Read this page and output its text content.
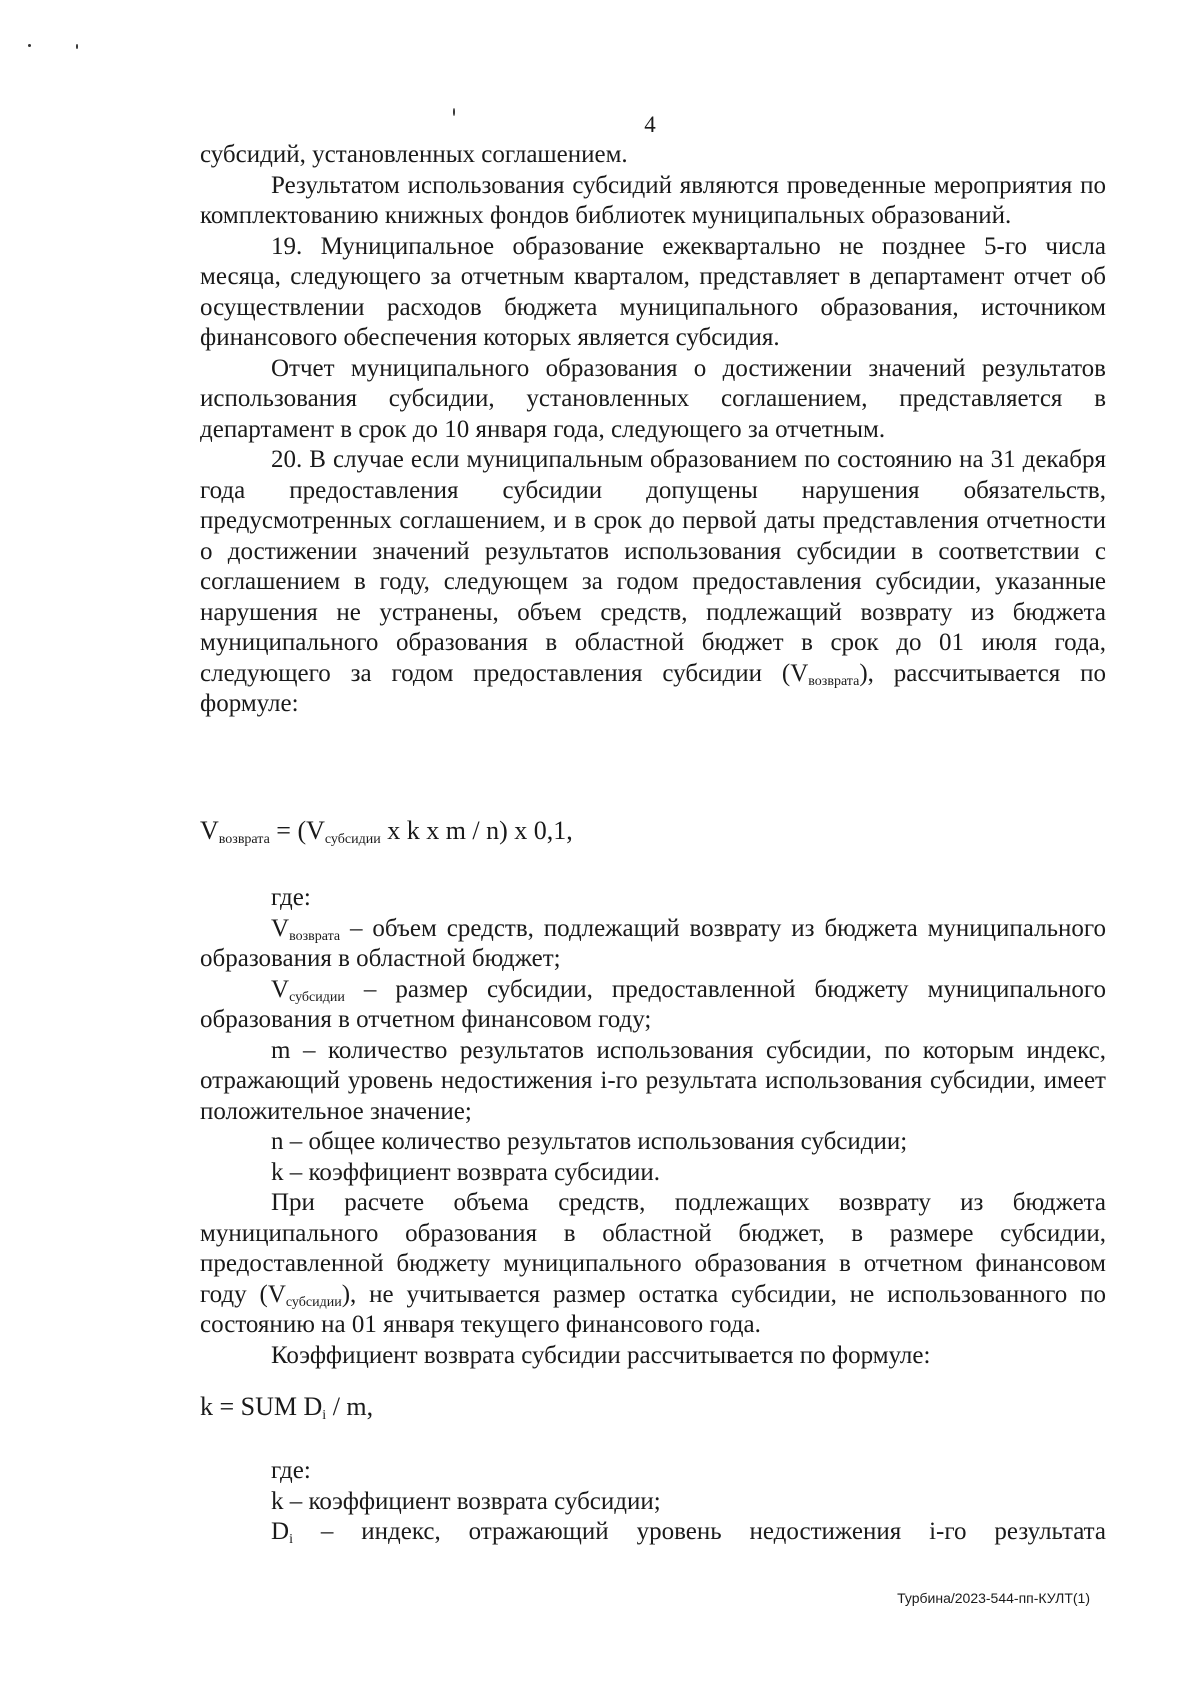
4

субсидий, установленных соглашением.

Результатом использования субсидий являются проведенные мероприятия по комплектованию книжных фондов библиотек муниципальных образований.

19. Муниципальное образование ежеквартально не позднее 5-го числа месяца, следующего за отчетным кварталом, представляет в департамент отчет об осуществлении расходов бюджета муниципального образования, источником финансового обеспечения которых является субсидия.

Отчет муниципального образования о достижении значений результатов использования субсидии, установленных соглашением, представляется в департамент в срок до 10 января года, следующего за отчетным.

20. В случае если муниципальным образованием по состоянию на 31 декабря года предоставления субсидии допущены нарушения обязательств, предусмотренных соглашением, и в срок до первой даты представления отчетности о достижении значений результатов использования субсидии в соответствии с соглашением в году, следующем за годом предоставления субсидии, указанные нарушения не устранены, объем средств, подлежащий возврату из бюджета муниципального образования в областной бюджет в срок до 01 июля года, следующего за годом предоставления субсидии $(V_{возврата})$, рассчитывается по формуле:

$V_{возврата} = (V_{субсидии}$ x k x m / n) x 0,1,

где:

$V_{возврата}$ – объем средств, подлежащий возврату из бюджета муниципального образования в областной бюджет;

$V_{субсидии}$ – размер субсидии, предоставленной бюджету муниципального образования в отчетном финансовом году;

m – количество результатов использования субсидии, по которым индекс, отражающий уровень недостижения i-го результата использования субсидии, имеет положительное значение;

n – общее количество результатов использования субсидии;

k – коэффициент возврата субсидии.

При расчете объема средств, подлежащих возврату из бюджета муниципального образования в областной бюджет, в размере субсидии, предоставленной бюджету муниципального образования в отчетном финансовом году $(V_{субсидии})$, не учитывается размер остатка субсидии, не использованного по состоянию на 01 января текущего финансового года.

Коэффициент возврата субсидии рассчитывается по формуле:

k = SUM $D_i$ / m,

где:

k – коэффициент возврата субсидии;

$D_i$ – индекс, отражающий уровень недостижения i-го результата

Турбина/2023-544-пп-КУЛТ(1)
